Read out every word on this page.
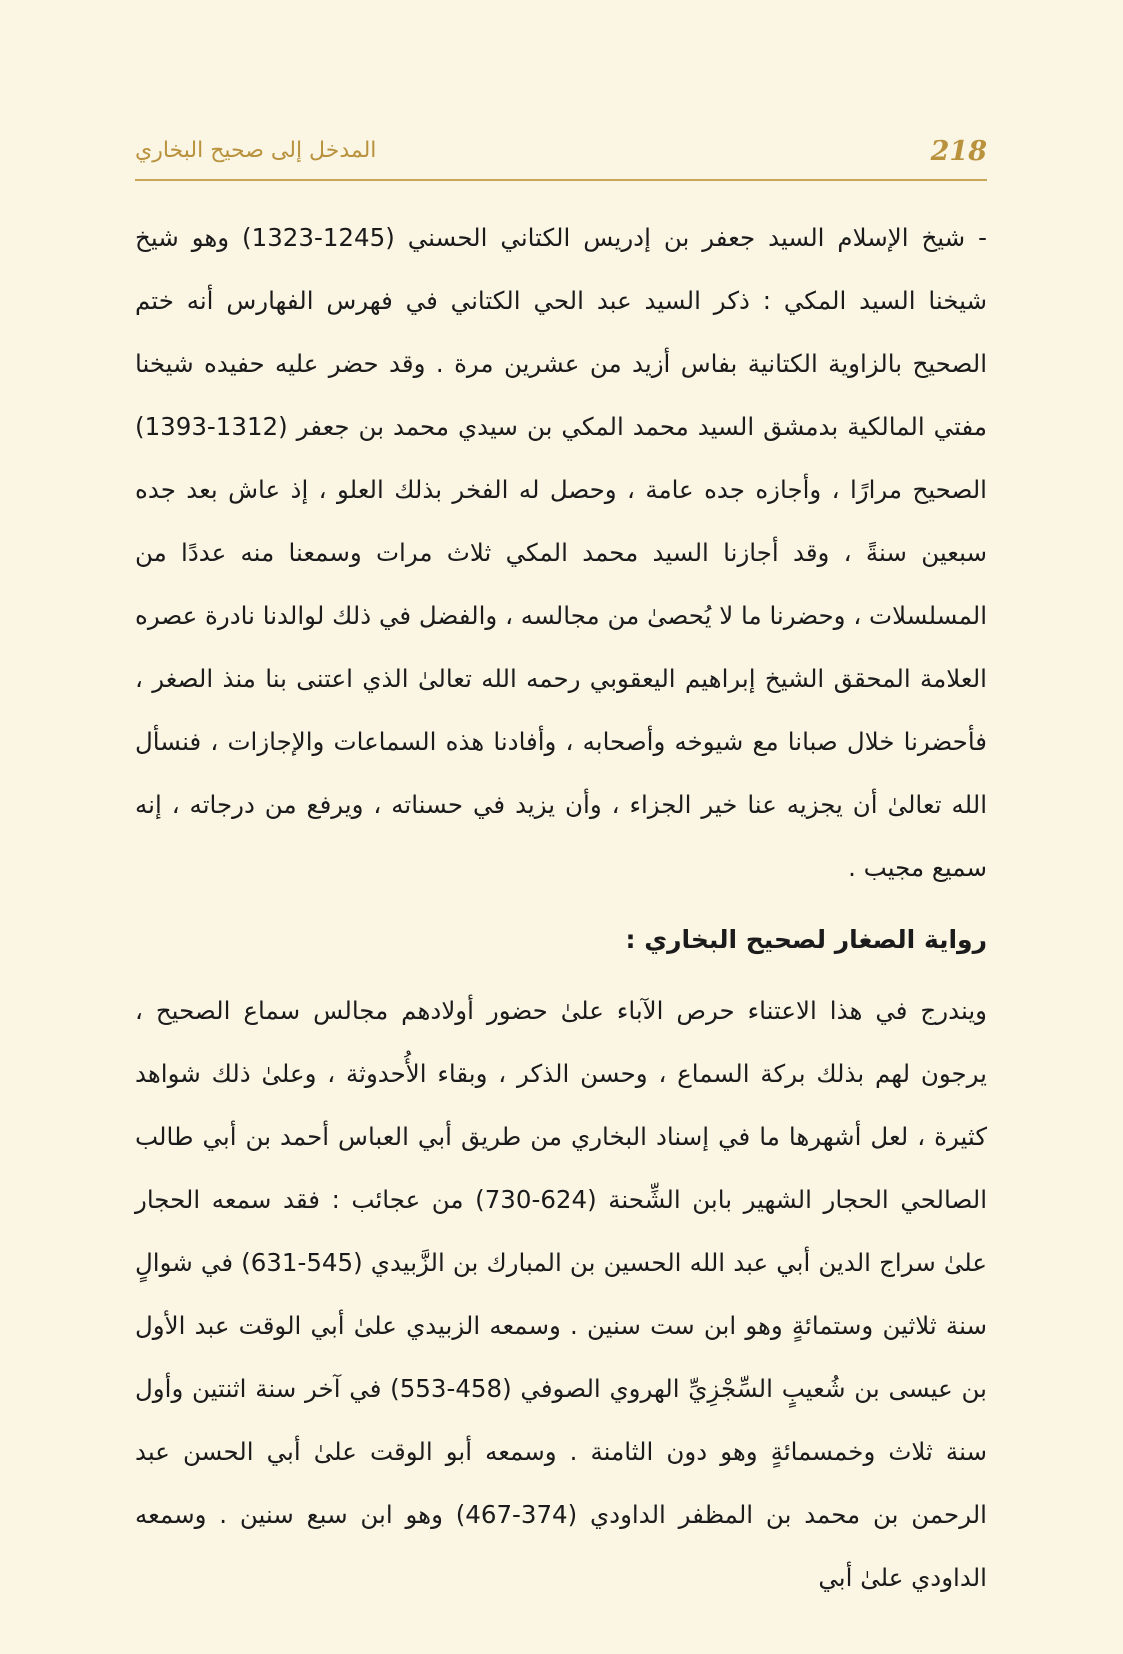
218
المدخل إلى صحيح البخاري

- شيخ الإسلام السيد جعفر بن إدريس الكتاني الحسني (1245-1323) وهو شيخ شيخنا السيد المكي : ذكر السيد عبد الحي الكتاني في فهرس الفهارس أنه ختم الصحيح بالزاوية الكتانية بفاس أزيد من عشرين مرة . وقد حضر عليه حفيده شيخنا مفتي المالكية بدمشق السيد محمد المكي بن سيدي محمد بن جعفر (1312-1393) الصحيح مرارًا ، وأجازه جده عامة ، وحصل له الفخر بذلك العلو ، إذ عاش بعد جده سبعين سنةً ، وقد أجازنا السيد محمد المكي ثلاث مرات وسمعنا منه عددًا من المسلسلات ، وحضرنا ما لا يُحصىٰ من مجالسه ، والفضل في ذلك لوالدنا نادرة عصره العلامة المحقق الشيخ إبراهيم اليعقوبي رحمه الله تعالىٰ الذي اعتنى بنا منذ الصغر ، فأحضرنا خلال صبانا مع شيوخه وأصحابه ، وأفادنا هذه السماعات والإجازات ، فنسأل الله تعالىٰ أن يجزيه عنا خير الجزاء ، وأن يزيد في حسناته ، ويرفع من درجاته ، إنه سميع مجيب .

رواية الصغار لصحيح البخاري :

ويندرج في هذا الاعتناء حرص الآباء علىٰ حضور أولادهم مجالس سماع الصحيح ، يرجون لهم بذلك بركة السماع ، وحسن الذكر ، وبقاء الأُحدوثة ، وعلىٰ ذلك شواهد كثيرة ، لعل أشهرها ما في إسناد البخاري من طريق أبي العباس أحمد بن أبي طالب الصالحي الحجار الشهير بابن الشِّحنة (624-730) من عجائب : فقد سمعه الحجار علىٰ سراج الدين أبي عبد الله الحسين بن المبارك بن الزَّبيدي (545-631) في شوالٍ سنة ثلاثين وستمائةٍ وهو ابن ست سنين . وسمعه الزبيدي علىٰ أبي الوقت عبد الأول بن عيسى بن شُعيبٍ السِّجْزِيِّ الهروي الصوفي (458-553) في آخر سنة اثنتين وأول سنة ثلاث وخمسمائةٍ وهو دون الثامنة . وسمعه أبو الوقت علىٰ أبي الحسن عبد الرحمن بن محمد بن المظفر الداودي (374-467) وهو ابن سبع سنين . وسمعه الداودي علىٰ أبي
